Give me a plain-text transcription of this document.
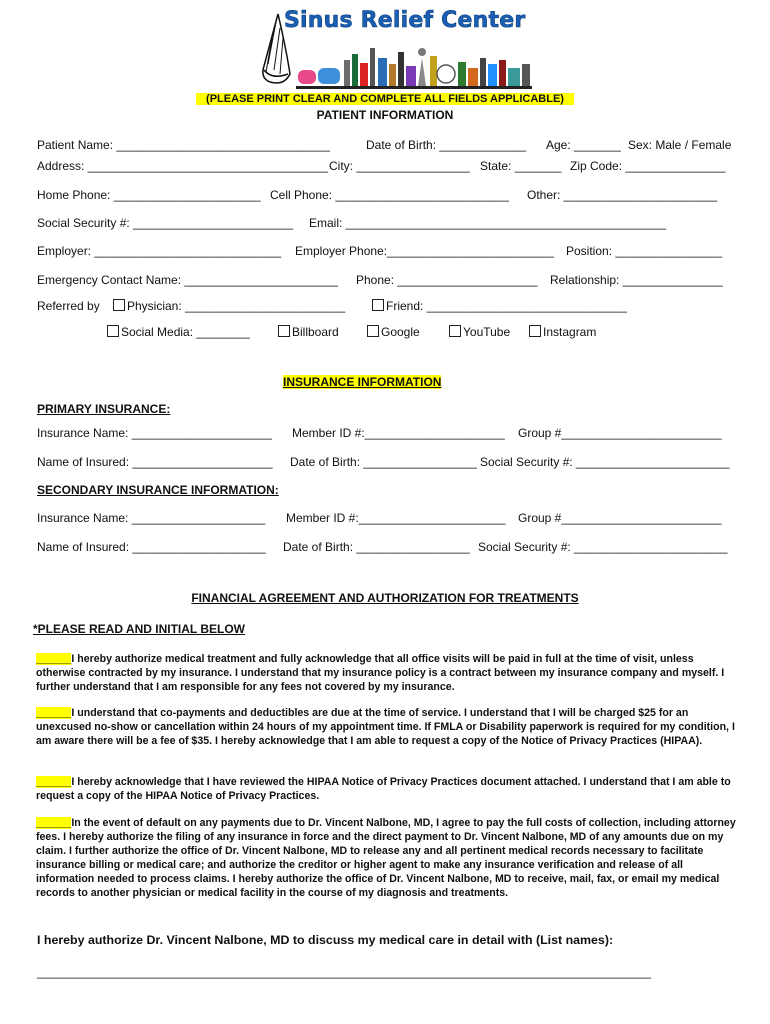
Sinus Relief Center
(PLEASE PRINT CLEAR AND COMPLETE ALL FIELDS APPLICABLE)
PATIENT INFORMATION
Patient Name: ________________________________	Date of Birth: _____________ Age: _______ Sex: Male / Female
Address: ____________________________________ City: _________________ State: _______ Zip Code: _______________
Home Phone: ______________________ Cell Phone: __________________________ Other: _______________________
Social Security #: ________________________ Email: ________________________________________________
Employer: ____________________________ Employer Phone:_________________________ Position: ________________
Emergency Contact Name: _______________________ Phone: _____________________ Relationship: _______________
Referred by	Physician: ________________________	Friend: ______________________________
Social Media: ________	Billboard	Google	YouTube	Instagram
INSURANCE INFORMATION
PRIMARY INSURANCE:
Insurance Name: _____________________ Member ID #:_____________________ Group #________________________
Name of Insured: _____________________ Date of Birth: _________________ Social Security #: _______________________
SECONDARY INSURANCE INFORMATION:
Insurance Name: ____________________ Member ID #:______________________ Group #________________________
Name of Insured: ____________________ Date of Birth: _________________ Social Security #: _______________________
FINANCIAL AGREEMENT AND AUTHORIZATION FOR TREATMENTS
*PLEASE READ AND INITIAL BELOW
______I hereby authorize medical treatment and fully acknowledge that all office visits will be paid in full at the time of visit, unless otherwise contracted by my insurance. I understand that my insurance policy is a contract between my insurance company and myself. I further understand that I am responsible for any fees not covered by my insurance.
______I understand that co-payments and deductibles are due at the time of service. I understand that I will be charged $25 for an unexcused no-show or cancellation within 24 hours of my appointment time. If FMLA or Disability paperwork is required for my condition, I am aware there will be a fee of $35. I hereby acknowledge that I am able to request a copy of the Notice of Privacy Practices (HIPAA).
______I hereby acknowledge that I have reviewed the HIPAA Notice of Privacy Practices document attached. I understand that I am able to request a copy of the HIPAA Notice of Privacy Practices.
______In the event of default on any payments due to Dr. Vincent Nalbone, MD, I agree to pay the full costs of collection, including attorney fees. I hereby authorize the filing of any insurance in force and the direct payment to Dr. Vincent Nalbone, MD of any amounts due on my claim. I further authorize the office of Dr. Vincent Nalbone, MD to release any and all pertinent medical records necessary to facilitate insurance billing or medical care; and authorize the creditor or higher agent to make any insurance verification and release of all information needed to process claims. I hereby authorize the office of Dr. Vincent Nalbone, MD to receive, mail, fax, or email my medical records to another physician or medical facility in the course of my diagnosis and treatments.
I hereby authorize Dr. Vincent Nalbone, MD to discuss my medical care in detail with (List names):
____________________________________________________________________________________________
